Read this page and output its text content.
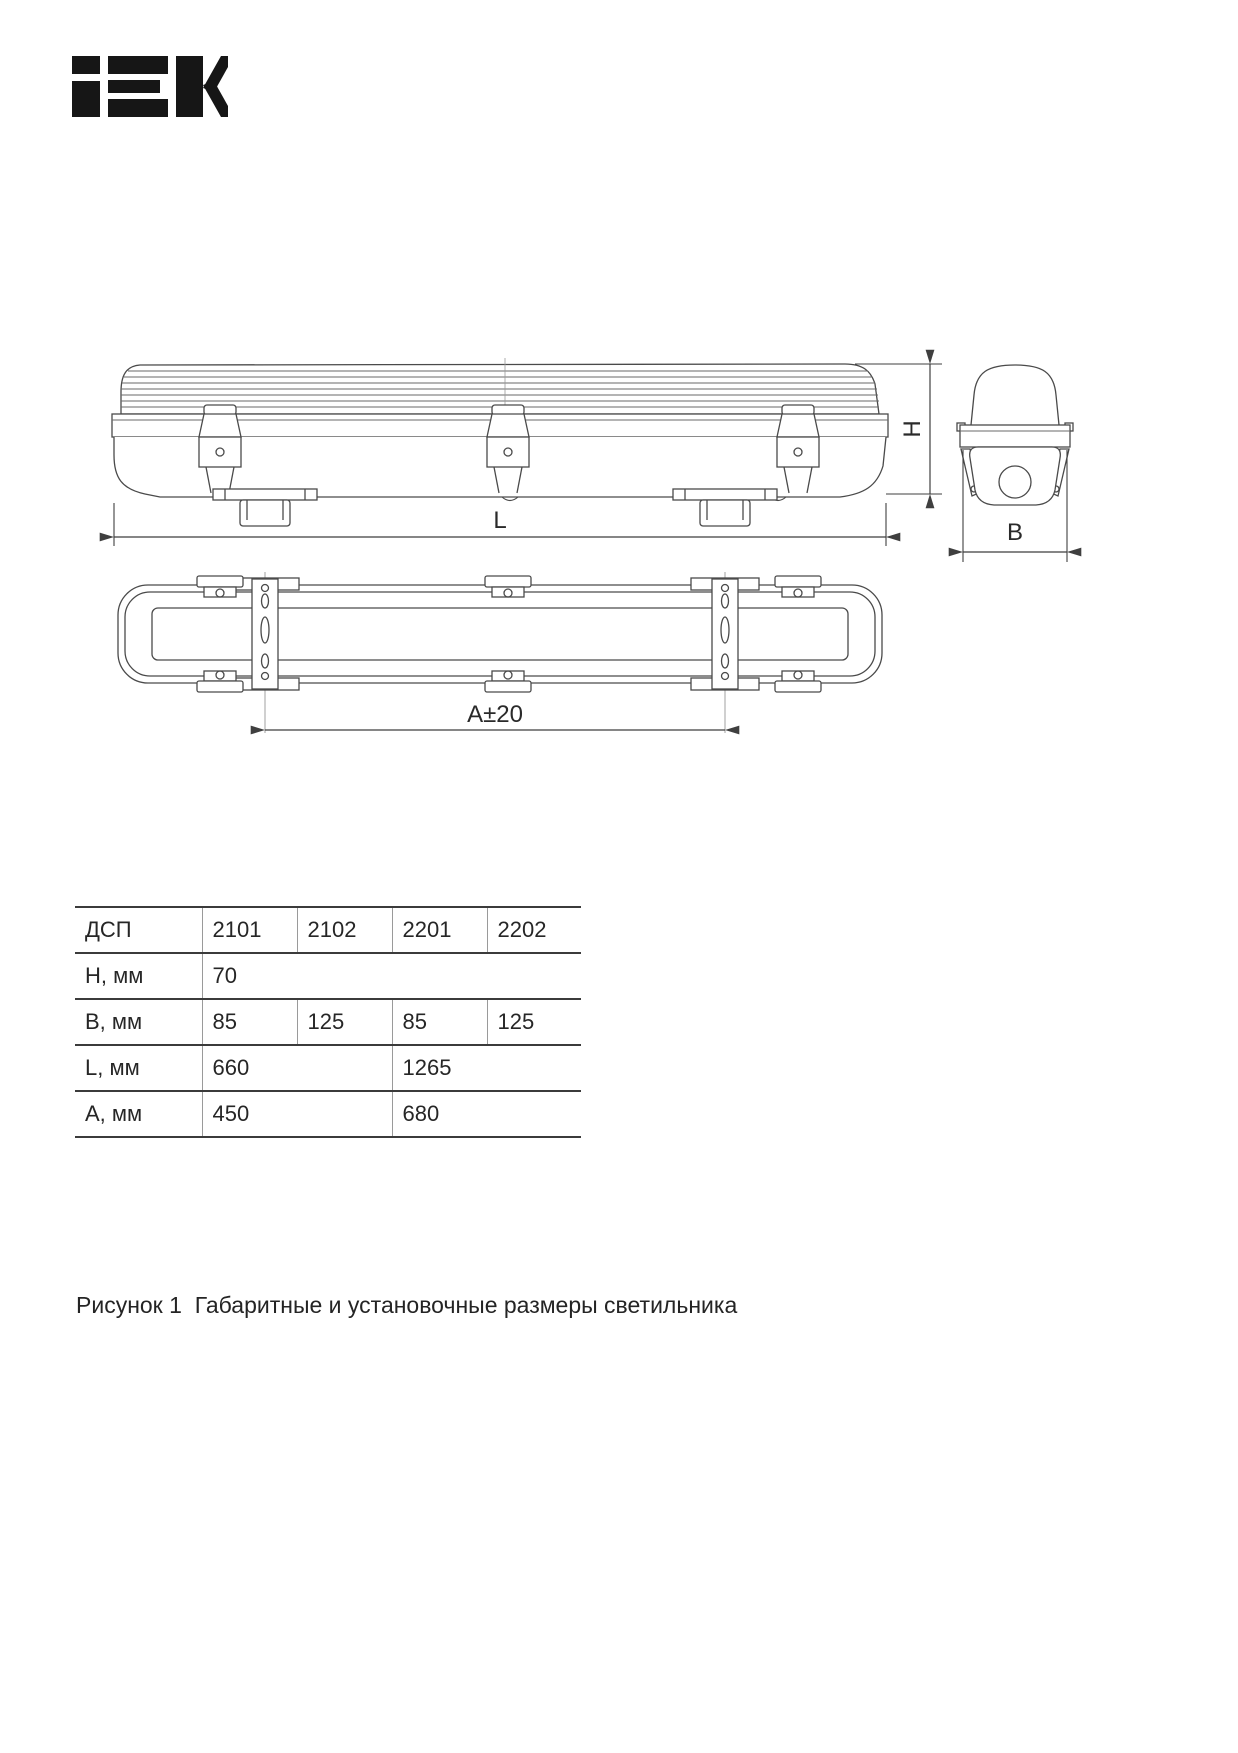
H
L	B
А±20
ДСП	2101	2102	2201	2202
Н, мм	70			
В, мм	85	125	85	125
L, мм	660		1265	
А, мм	450		680	

Рисунок 1  Габаритные и установочные размеры светильника
